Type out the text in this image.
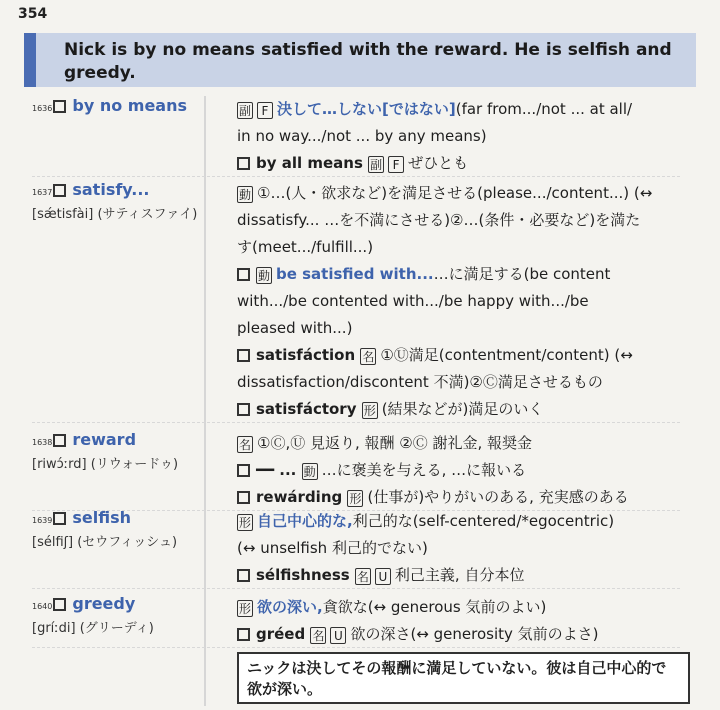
354
Nick is by no means satisfied with the reward. He is selfish and greedy.
1636 by no means	副 F 決して…しない[ではない](far from.../not ... at all/
in no way.../not ... by any means)
by all means 副 F ぜひとも
1637 satisfy...
[sǽtisfài] (サティスファイ)
動 ①…(人・欲求など)を満足させる(please.../content...) (↔
dissatisfy... …を不満にさせる)②…(条件・必要など)を満た
す(meet.../fulfill...)
動 be satisfied with...…に満足する(be content
with.../be contented with.../be happy with.../be
pleased with...)
satisfáction 名 ①Ⓤ満足(contentment/content) (↔
dissatisfaction/discontent 不満)②Ⓒ満足させるもの
satisfáctory 形 (結果などが)満足のいく
1638 reward
[riwɔ́ːrd] (リウォードゥ)
名 ①Ⓒ,Ⓤ 見返り, 報酬 ②Ⓒ 謝礼金, 報奨金
━━ ... 動 …に褒美を与える, …に報いる
rewárding 形 (仕事が)やりがいのある, 充実感のある
1639 selfish
[sélfiʃ] (セウフィッシュ)
形 自己中心的な,利己的な(self-centered/*egocentric)
(↔ unselfish 利己的でない)
sélfishness 名 U 利己主義, 自分本位
1640 greedy
[gríːdi] (グリーディ)
形 欲の深い,貪欲な(↔ generous 気前のよい)
gréed 名 U 欲の深さ(↔ generosity 気前のよさ)
ニックは決してその報酬に満足していない。彼は自己中心的で欲が深い。
